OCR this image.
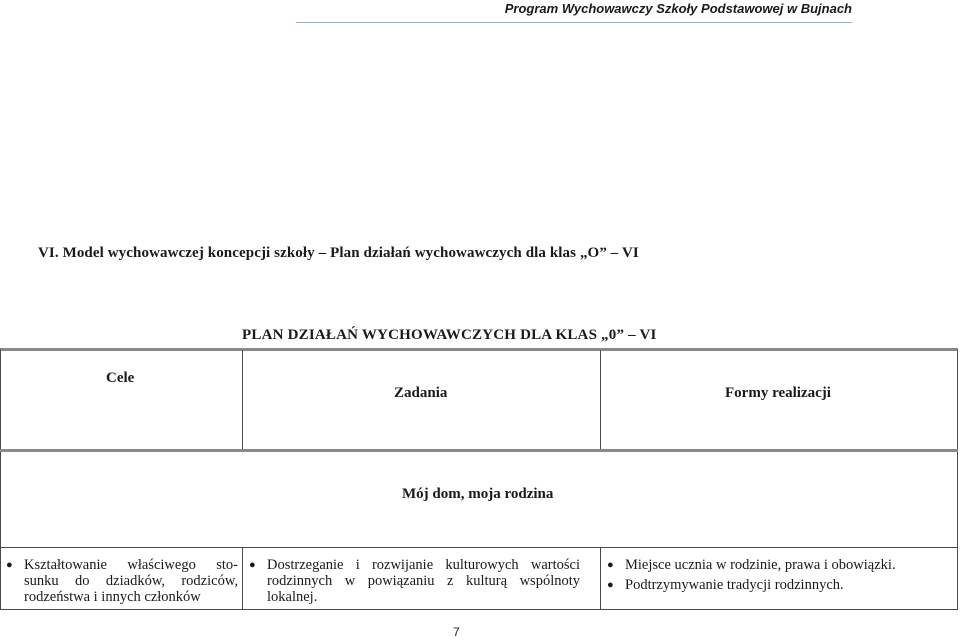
Program Wychowawczy Szkoły Podstawowej w Bujnach
VI. Model wychowawczej koncepcji szkoły – Plan działań wychowawczych dla klas „O” – VI
PLAN DZIAŁAŃ WYCHOWAWCZYCH DLA KLAS „0” – VI
Cele
Zadania	Formy realizacji
Mój dom, moja rodzina
● Kształtowanie właściwego sto-sunku do dziadków, rodziców, rodzeństwa i innych członków
● Dostrzeganie i rozwijanie kulturowych wartości rodzinnych w powiązaniu z kulturą wspólnoty lokalnej.
● Miejsce ucznia w rodzinie, prawa i obowiązki.
● Podtrzymywanie tradycji rodzinnych.
7
